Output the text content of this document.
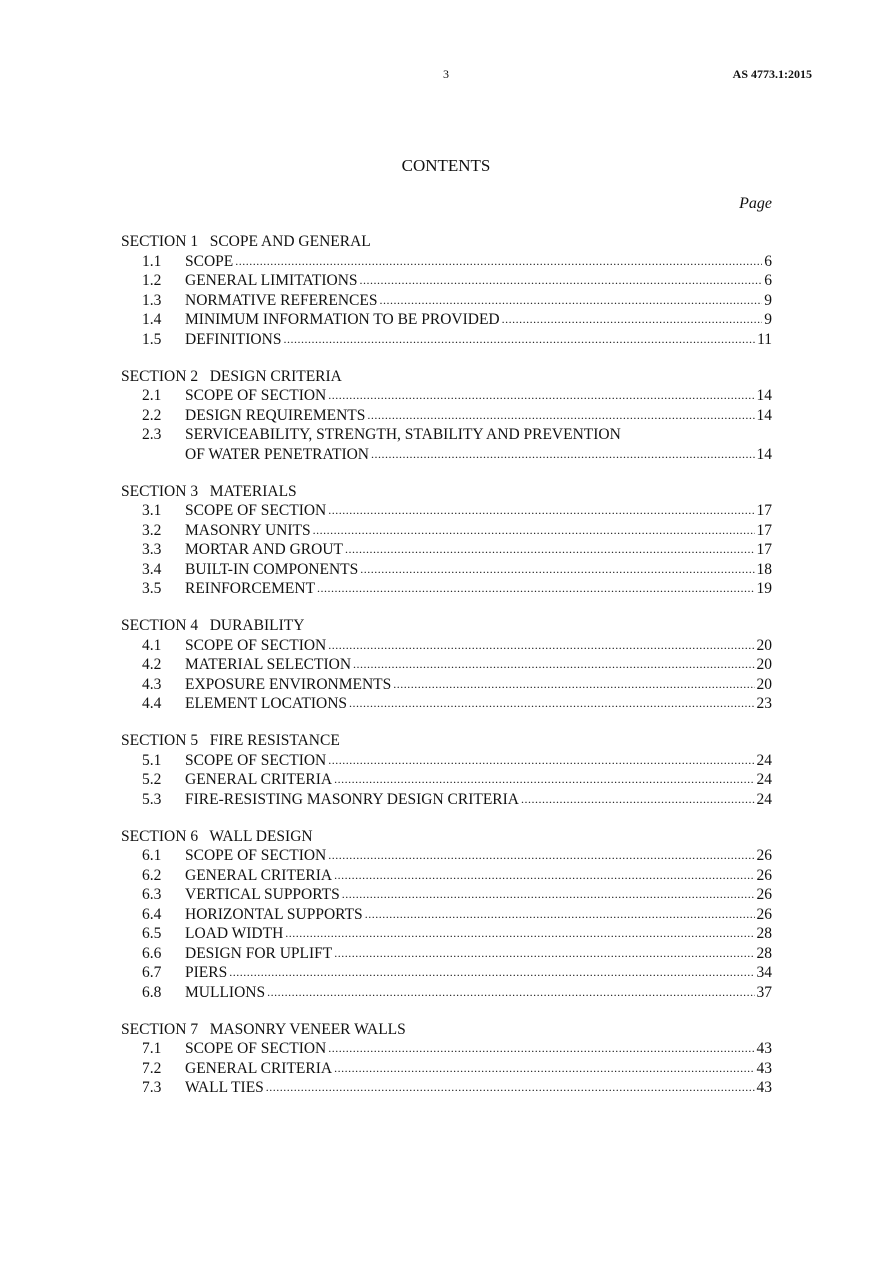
3	AS 4773.1:2015
CONTENTS
Page
SECTION 1   SCOPE AND GENERAL
1.1	SCOPE .....	6
1.2	GENERAL LIMITATIONS .....	6
1.3	NORMATIVE REFERENCES .....	9
1.4	MINIMUM INFORMATION TO BE PROVIDED .....	9
1.5	DEFINITIONS .....	11
SECTION 2   DESIGN CRITERIA
2.1	SCOPE OF SECTION .....	14
2.2	DESIGN REQUIREMENTS .....	14
2.3	SERVICEABILITY, STRENGTH, STABILITY AND PREVENTION
OF WATER PENETRATION .....	14
SECTION 3   MATERIALS
3.1	SCOPE OF SECTION .....	17
3.2	MASONRY UNITS .....	17
3.3	MORTAR AND GROUT .....	17
3.4	BUILT-IN COMPONENTS .....	18
3.5	REINFORCEMENT .....	19
SECTION 4   DURABILITY
4.1	SCOPE OF SECTION .....	20
4.2	MATERIAL SELECTION .....	20
4.3	EXPOSURE ENVIRONMENTS .....	20
4.4	ELEMENT LOCATIONS .....	23
SECTION 5   FIRE RESISTANCE
5.1	SCOPE OF SECTION .....	24
5.2	GENERAL CRITERIA .....	24
5.3	FIRE-RESISTING MASONRY DESIGN CRITERIA .....	24
SECTION 6   WALL DESIGN
6.1	SCOPE OF SECTION .....	26
6.2	GENERAL CRITERIA .....	26
6.3	VERTICAL SUPPORTS .....	26
6.4	HORIZONTAL SUPPORTS .....	26
6.5	LOAD WIDTH .....	28
6.6	DESIGN FOR UPLIFT .....	28
6.7	PIERS .....	34
6.8	MULLIONS .....	37
SECTION 7   MASONRY VENEER WALLS
7.1	SCOPE OF SECTION .....	43
7.2	GENERAL CRITERIA .....	43
7.3	WALL TIES .....	43
